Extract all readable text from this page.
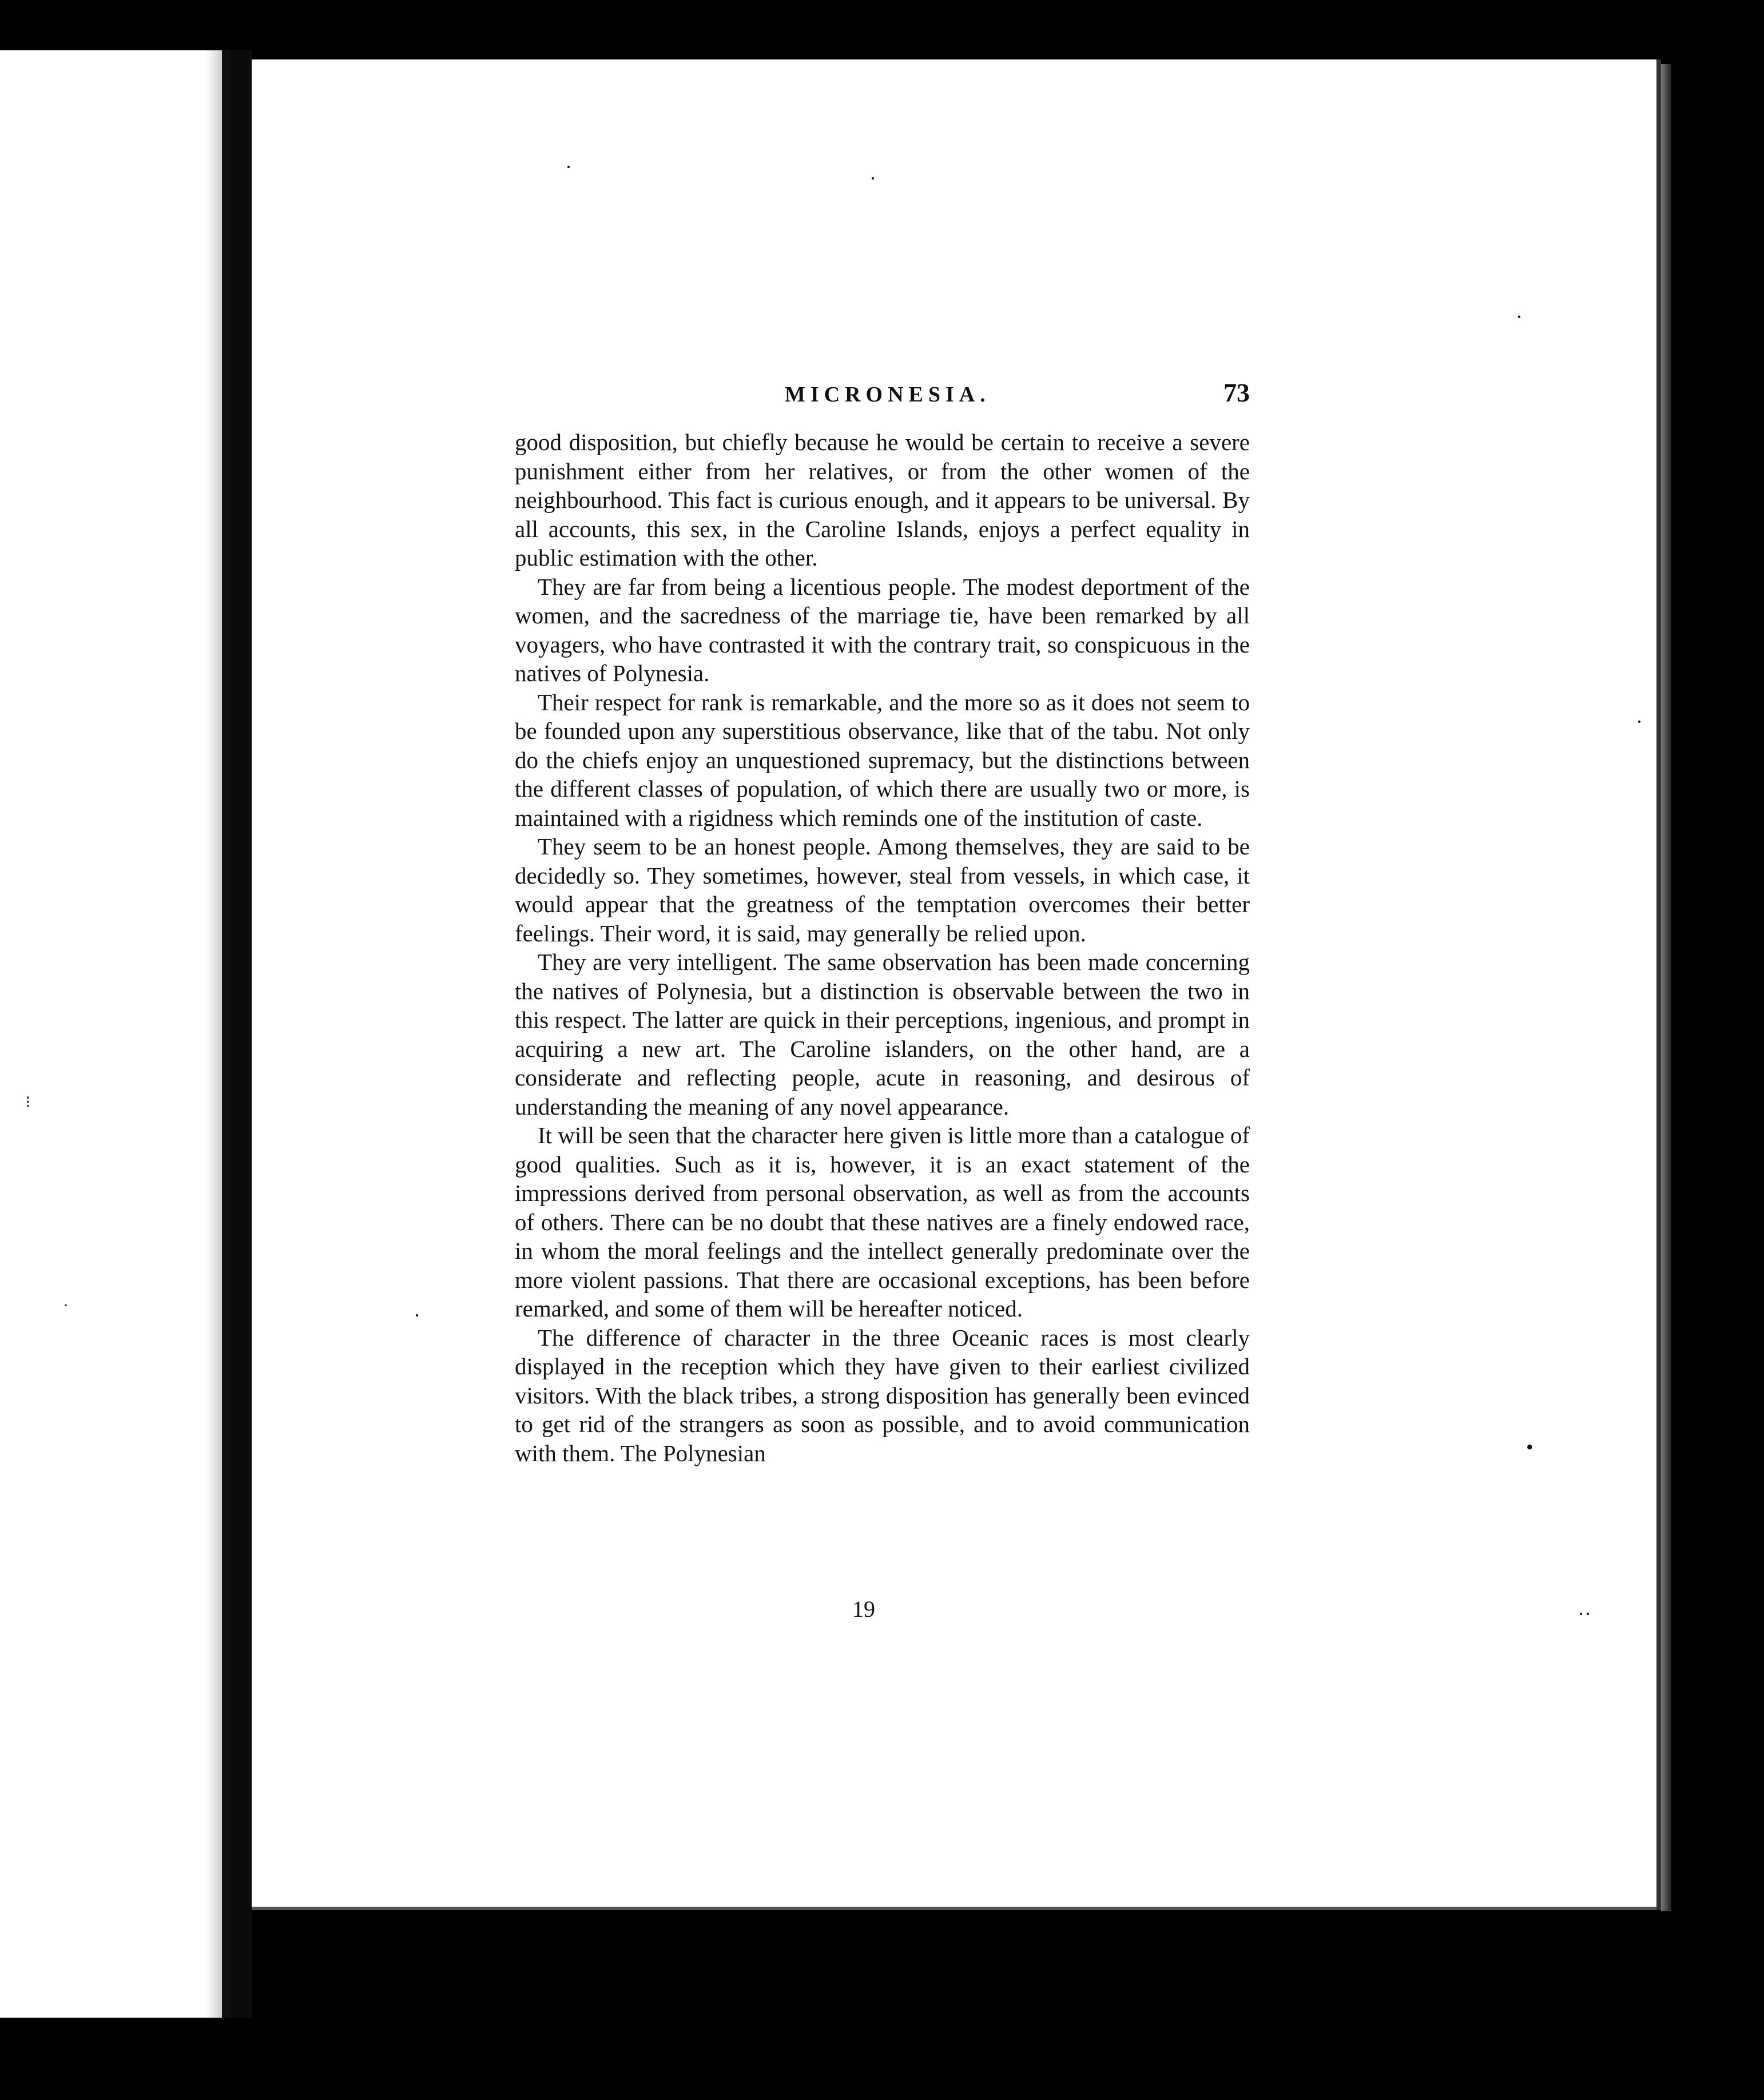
⁝
·
·	·
·
•
··
·
·
MICRONESIA.	73

good disposition, but chiefly because he would be certain to receive a severe punishment either from her relatives, or from the other women of the neighbourhood. This fact is curious enough, and it appears to be universal. By all accounts, this sex, in the Caroline Islands, enjoys a perfect equality in public estimation with the other.

They are far from being a licentious people. The modest deportment of the women, and the sacredness of the marriage tie, have been remarked by all voyagers, who have contrasted it with the contrary trait, so conspicuous in the natives of Polynesia.

Their respect for rank is remarkable, and the more so as it does not seem to be founded upon any superstitious observance, like that of the tabu. Not only do the chiefs enjoy an unquestioned supremacy, but the distinctions between the different classes of population, of which there are usually two or more, is maintained with a rigidness which reminds one of the institution of caste.

They seem to be an honest people. Among themselves, they are said to be decidedly so. They sometimes, however, steal from vessels, in which case, it would appear that the greatness of the temptation overcomes their better feelings. Their word, it is said, may generally be relied upon.

They are very intelligent. The same observation has been made concerning the natives of Polynesia, but a distinction is observable between the two in this respect. The latter are quick in their perceptions, ingenious, and prompt in acquiring a new art. The Caroline islanders, on the other hand, are a considerate and reflecting people, acute in reasoning, and desirous of understanding the meaning of any novel appearance.

It will be seen that the character here given is little more than a catalogue of good qualities. Such as it is, however, it is an exact statement of the impressions derived from personal observation, as well as from the accounts of others. There can be no doubt that these natives are a finely endowed race, in whom the moral feelings and the intellect generally predominate over the more violent passions. That there are occasional exceptions, has been before remarked, and some of them will be hereafter noticed.

The difference of character in the three Oceanic races is most clearly displayed in the reception which they have given to their earliest civilized visitors. With the black tribes, a strong disposition has generally been evinced to get rid of the strangers as soon as possible, and to avoid communication with them. The Polynesian

19
